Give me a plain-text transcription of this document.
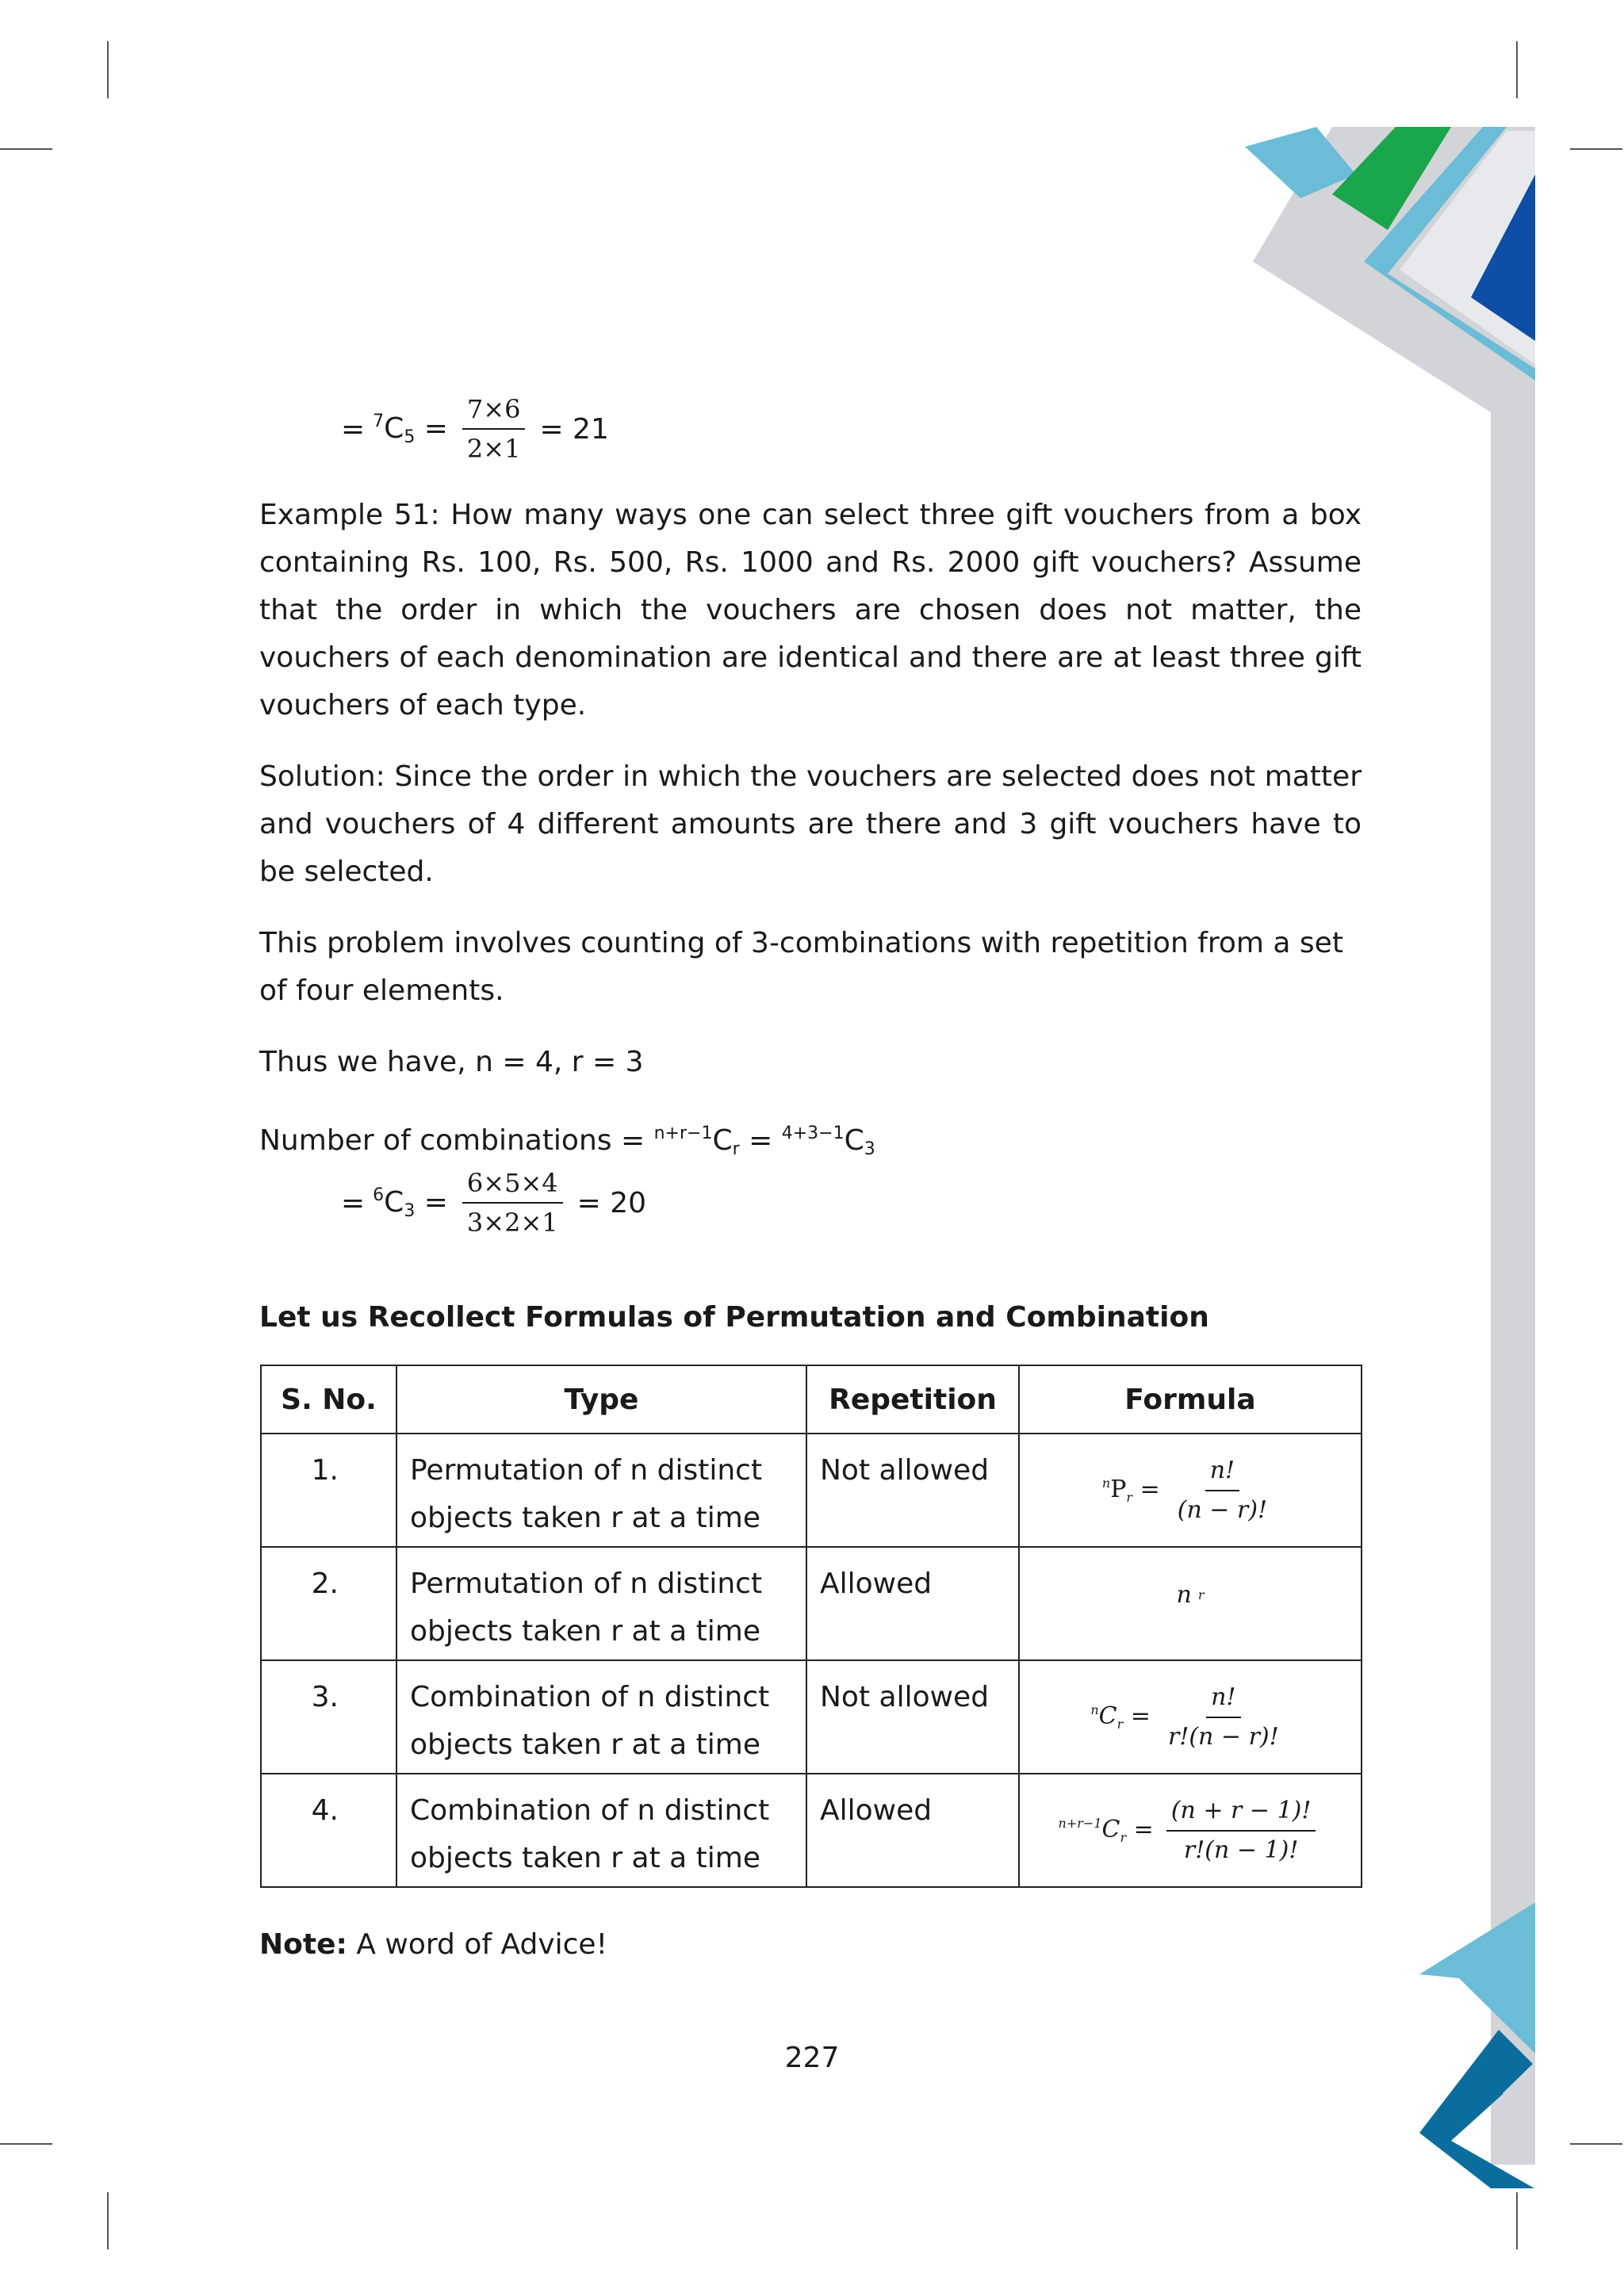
= $^7C_5 = \frac{7\times 6}{2\times 1} = 21$

Example 51: How many ways one can select three gift vouchers from a box containing Rs. 100, Rs. 500, Rs. 1000 and Rs. 2000 gift vouchers? Assume that the order in which the vouchers are chosen does not matter, the vouchers of each denomination are identical and there are at least three gift vouchers of each type.

Solution: Since the order in which the vouchers are selected does not matter and vouchers of 4 different amounts are there and 3 gift vouchers have to be selected.

This problem involves counting of 3-combinations with repetition from a set of four elements.

Thus we have, n = 4, r = 3

Number of combinations = $^{n+r-1}C_r = ^{4+3-1}C_3$
= $^6C_3 = \frac{6\times 5\times 4}{3\times 2\times 1} = 20$
Let us Recollect Formulas of Permutation and Combination
S. No.	Type	Repetition	Formula
1.	Permutation of n distinct objects taken r at a time	Not allowed	$^nP_r = \frac{n!}{(n - r)!}$

2.	Permutation of n distinct objects taken r at a time	Allowed	n r

3.	Combination of n distinct objects taken r at a time	Not allowed	$^nC_r = \frac{n!}{r!(n - r)!}$

4.	Combination of n distinct objects taken r at a time	Allowed	$^{n+r-1}C_r = \frac{(n + r - 1)!}{r!(n - 1)!}$
Note: A word of Advice!
227
